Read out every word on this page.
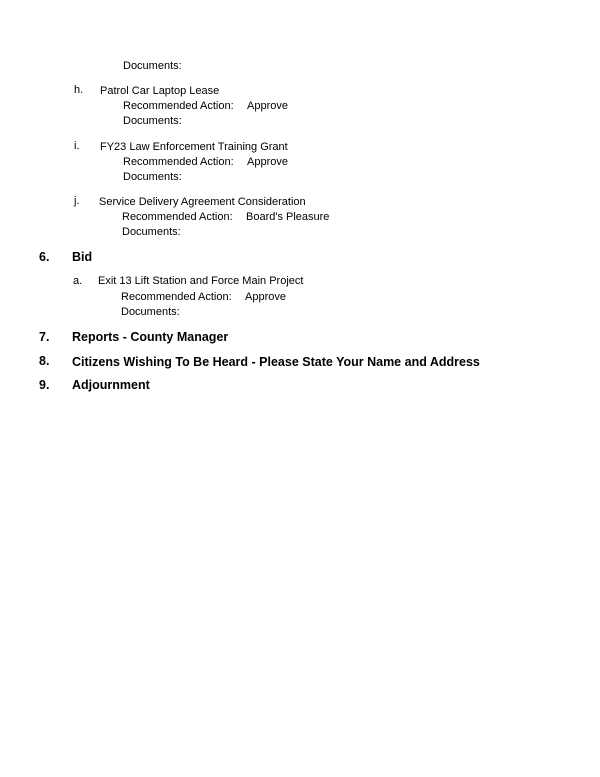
Documents:
h. Patrol Car Laptop Lease
Recommended Action: Approve
Documents:
i. FY23 Law Enforcement Training Grant
Recommended Action: Approve
Documents:
j. Service Delivery Agreement Consideration
Recommended Action: Board's Pleasure
Documents:
6. Bid
a. Exit 13 Lift Station and Force Main Project
Recommended Action: Approve
Documents:
7. Reports - County Manager
8. Citizens Wishing To Be Heard - Please State Your Name and Address
9. Adjournment
